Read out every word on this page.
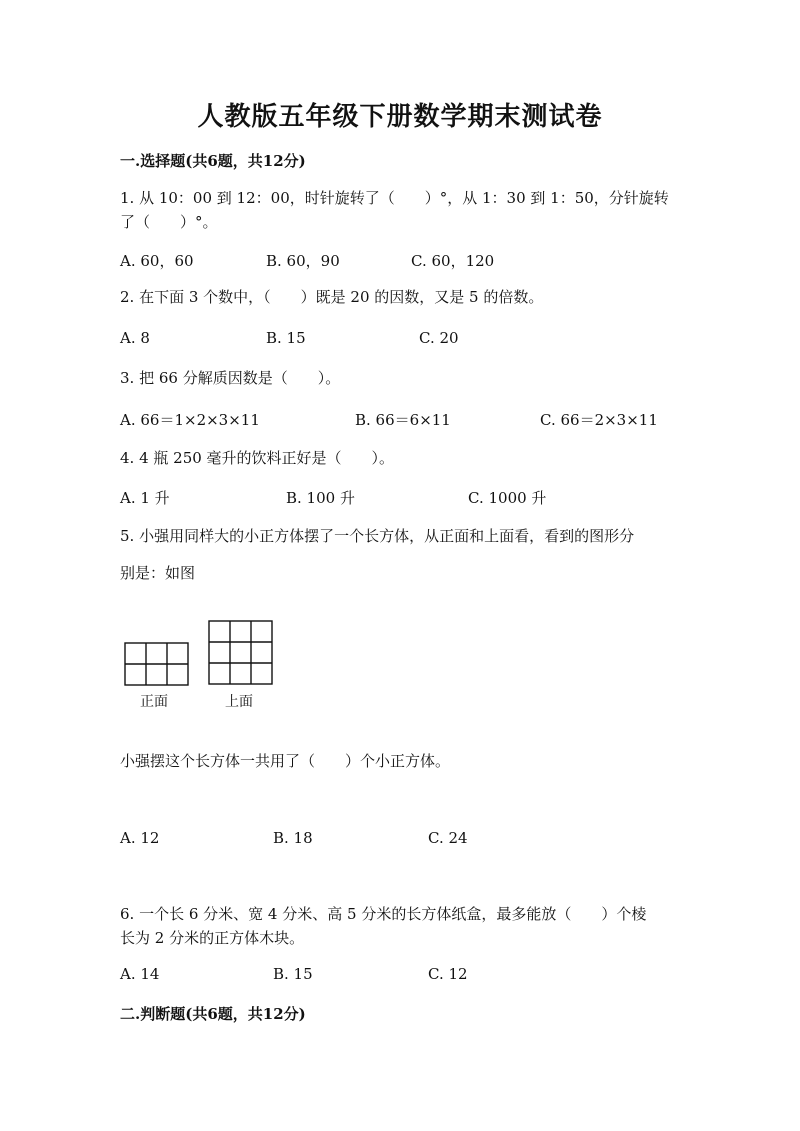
人教版五年级下册数学期末测试卷
一.选择题(共6题，共12分)
1. 从 10：00 到 12：00，时针旋转了（　　）°，从 1：30 到 1：50，分针旋转
了（　　）°。
A. 60，60	B. 60，90	C. 60，120
2. 在下面 3 个数中，（　　）既是 20 的因数，又是 5 的倍数。
A. 8	B. 15	C. 20
3. 把 66 分解质因数是（　　）。
A. 66＝1×2×3×11	B. 66＝6×11	C. 66＝2×3×11
4. 4 瓶 250 毫升的饮料正好是（　　）。
A. 1 升	B. 100 升	C. 1000 升
5. 小强用同样大的小正方体摆了一个长方体，从正面和上面看，看到的图形分
别是：如图
正面	上面
小强摆这个长方体一共用了（　　）个小正方体。
A. 12	B. 18	C. 24
6. 一个长 6 分米、宽 4 分米、高 5 分米的长方体纸盒，最多能放（　　）个棱
长为 2 分米的正方体木块。
A. 14	B. 15	C. 12
二.判断题(共6题，共12分)
